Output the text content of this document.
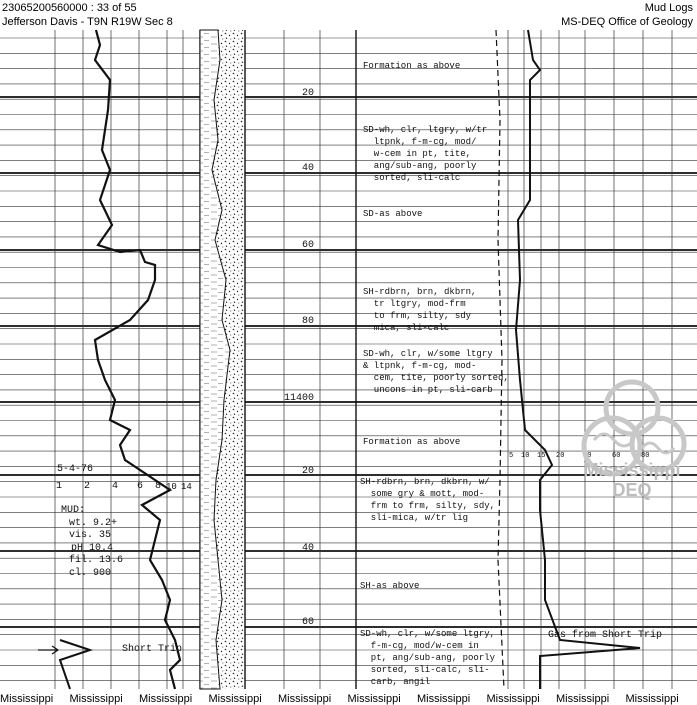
23065200560000 : 33 of 55
Jefferson Davis - T9N R19W Sec 8
Mud Logs
MS-DEQ Office of Geology
20
40
60
80
11400
20
40
60
Formation as above
SD-wh, clr, ltgry, w/tr
ltpnk, f-m-cg, mod/
w-cem in pt, tite,
ang/sub-ang, poorly
sorted, sli-calc
SD-as above
SH-rdbrn, brn, dkbrn,
tr ltgry, mod-frm
to frm, silty, sdy
mica, sli-calc
SD-wh, clr, w/some ltgry
& ltpnk, f-m-cg, mod-
cem, tite, poorly sorted,
uncons in pt, sli-carb
Formation as above
SH-rdbrn, brn, dkbrn, w/
some gry & mott, mod-
frm to frm, silty, sdy,
sli-mica, w/tr lig
SH-as above
SD-wh, clr, w/some ltgry,
f-m-cg, mod/w-cem in
pt, ang/sub-ang, poorly
sorted, sli-calc, sli-
carb, angil
5-4-76
1 2 4 6 8 10 14
MUD:
wt. 9.2+
vis. 35
pH 10.4
fil. 13.6
cl. 900
Short Trip
Gas from Short Trip
5 10 15 20	40	60	80
Mississippi
DEQ
Mississippi Mississippi Mississippi Mississippi Mississippi Mississippi Mississippi Mississippi Mississippi Mississippi
